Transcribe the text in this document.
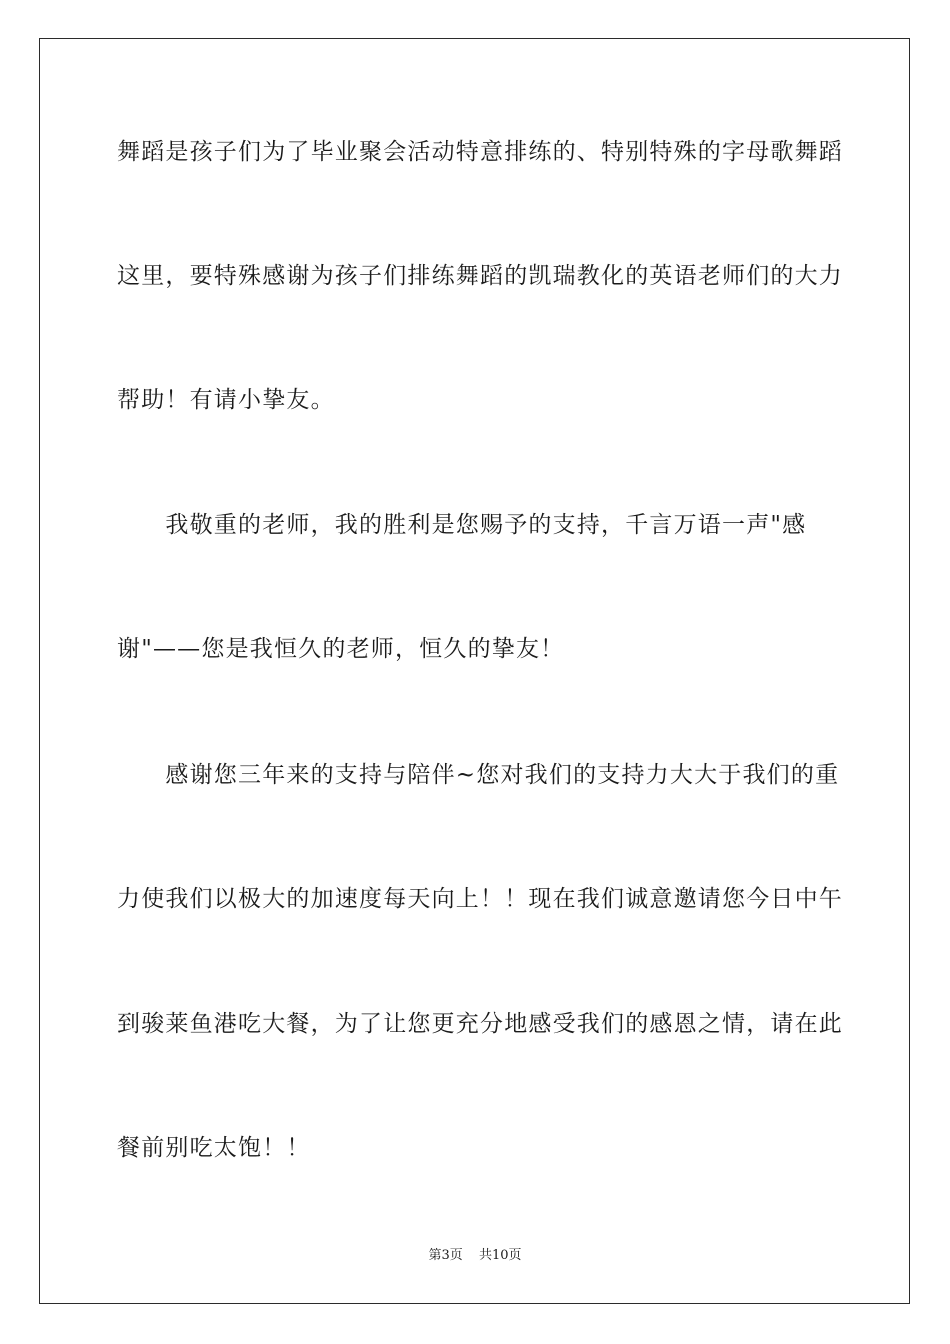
舞蹈是孩子们为了毕业聚会活动特意排练的、特别特殊的字母歌舞蹈
这里，要特殊感谢为孩子们排练舞蹈的凯瑞教化的英语老师们的大力
帮助！有请小挚友。
　　我敬重的老师，我的胜利是您赐予的支持，千言万语一声"感
谢"——您是我恒久的老师，恒久的挚友！
　　感谢您三年来的支持与陪伴~您对我们的支持力大大于我们的重
力使我们以极大的加速度每天向上！！现在我们诚意邀请您今日中午
到骏莱鱼港吃大餐，为了让您更充分地感受我们的感恩之情，请在此
餐前别吃太饱！！
第3页 共10页
